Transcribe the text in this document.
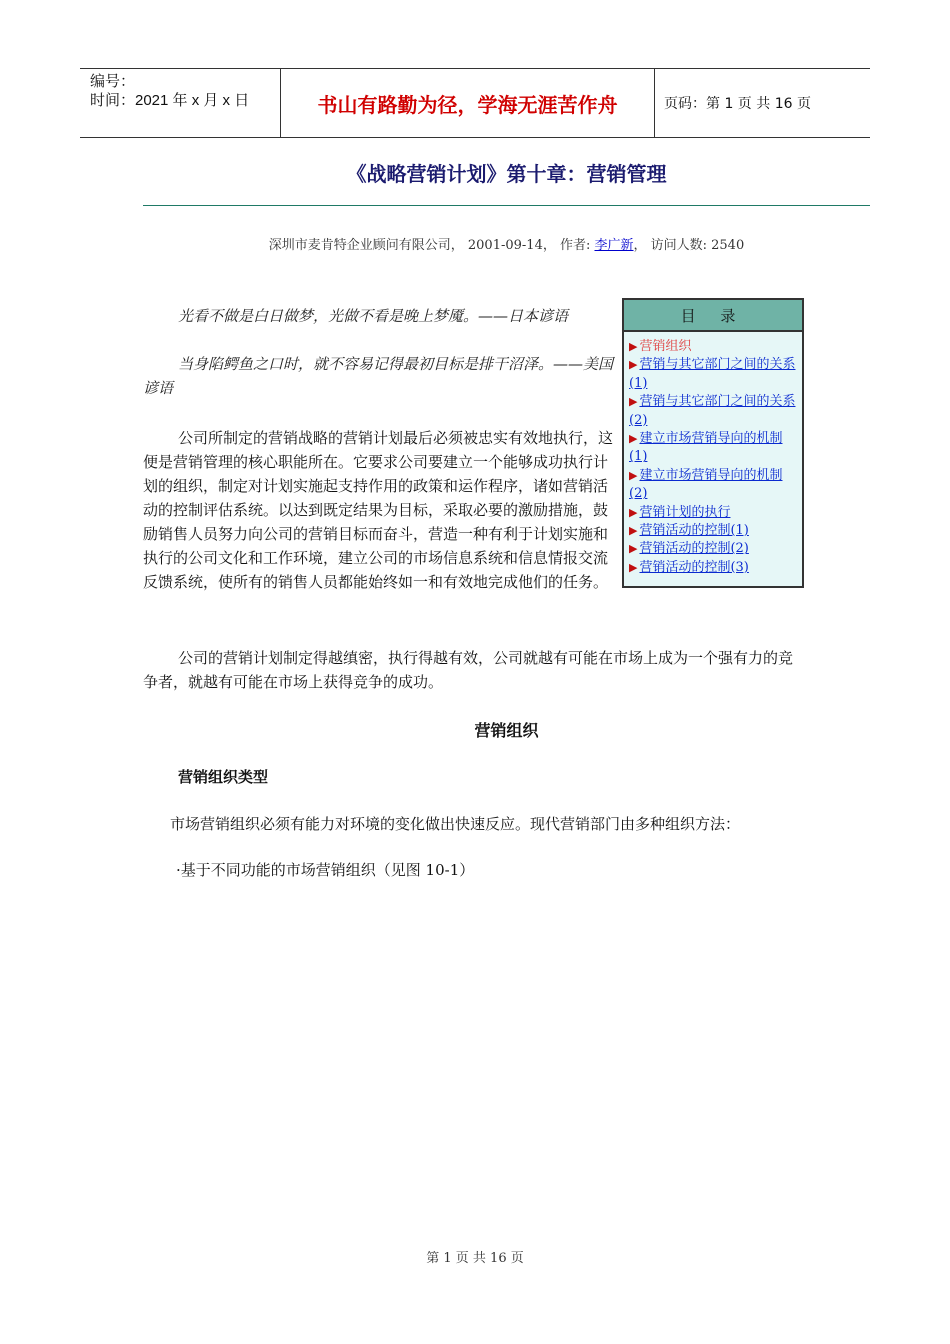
编号：
时间：2021 年 x 月 x 日	书山有路勤为径，学海无涯苦作舟	页码：第 1 页 共 16 页
《战略营销计划》第十章：营销管理
深圳市麦肯特企业顾问有限公司， 2001-09-14， 作者: 李广新， 访问人数: 2540

光看不做是白日做梦，光做不看是晚上梦魇。——日本谚语

当身陷鳄鱼之口时，就不容易记得最初目标是排干沼泽。——美国谚语

公司所制定的营销战略的营销计划最后必须被忠实有效地执行，这便是营销管理的核心职能所在。它要求公司要建立一个能够成功执行计划的组织，制定对计划实施起支持作用的政策和运作程序，诸如营销活动的控制评估系统。以达到既定结果为目标，采取必要的激励措施，鼓励销售人员努力向公司的营销目标而奋斗，营造一种有利于计划实施和执行的公司文化和工作环境，建立公司的市场信息系统和信息情报交流反馈系统，使所有的销售人员都能始终如一和有效地完成他们的任务。

目 录
▶ 营销组织
▶ 营销与其它部门之间的关系(1)
▶ 营销与其它部门之间的关系(2)
▶ 建立市场营销导向的机制(1)
▶ 建立市场营销导向的机制(2)
▶ 营销计划的执行
▶ 营销活动的控制(1)
▶ 营销活动的控制(2)
▶ 营销活动的控制(3)

公司的营销计划制定得越缜密，执行得越有效，公司就越有可能在市场上成为一个强有力的竞争者，就越有可能在市场上获得竞争的成功。

营销组织
营销组织类型

市场营销组织必须有能力对环境的变化做出快速反应。现代营销部门由多种组织方法：

·基于不同功能的市场营销组织（见图 10-1）

第 1 页 共 16 页
